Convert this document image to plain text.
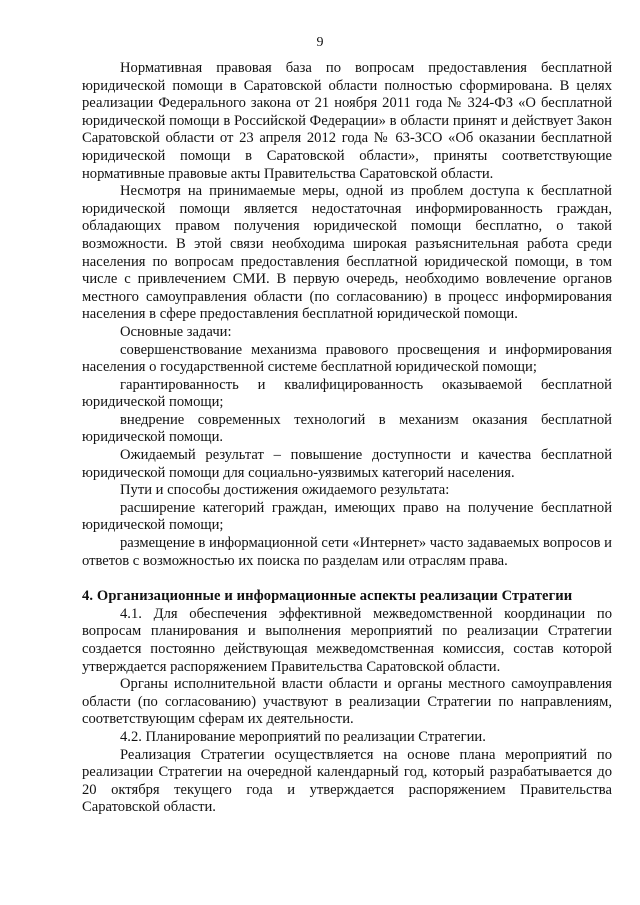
9

Нормативная правовая база по вопросам предоставления бесплатной юридической помощи в Саратовской области полностью сформирована. В целях реализации Федерального закона от 21 ноября 2011 года № 324-ФЗ «О бесплатной юридической помощи в Российской Федерации» в области принят и действует Закон Саратовской области от 23 апреля 2012 года № 63-ЗСО «Об оказании бесплатной юридической помощи в Саратовской области», приняты соответствующие нормативные правовые акты Правительства Саратовской области.

Несмотря на принимаемые меры, одной из проблем доступа к бесплатной юридической помощи является недостаточная информированность граждан, обладающих правом получения юридической помощи бесплатно, о такой возможности. В этой связи необходима широкая разъяснительная работа среди населения по вопросам предоставления бесплатной юридической помощи, в том числе с привлечением СМИ. В первую очередь, необходимо вовлечение органов местного самоуправления области (по согласованию) в процесс информирования населения в сфере предоставления бесплатной юридической помощи.

Основные задачи:

совершенствование механизма правового просвещения и информирования населения о государственной системе бесплатной юридической помощи;

гарантированность и квалифицированность оказываемой бесплатной юридической помощи;

внедрение современных технологий в механизм оказания бесплатной юридической помощи.

Ожидаемый результат – повышение доступности и качества бесплатной юридической помощи для социально-уязвимых категорий населения.

Пути и способы достижения ожидаемого результата:

расширение категорий граждан, имеющих право на получение бесплатной юридической помощи;

размещение в информационной сети «Интернет» часто задаваемых вопросов и ответов с возможностью их поиска по разделам или отраслям права.

4. Организационные и информационные аспекты реализации Стратегии

4.1. Для обеспечения эффективной межведомственной координации по вопросам планирования и выполнения мероприятий по реализации Стратегии создается постоянно действующая межведомственная комиссия, состав которой утверждается распоряжением Правительства Саратовской области.

Органы исполнительной власти области и органы местного самоуправления области (по согласованию) участвуют в реализации Стратегии по направлениям, соответствующим сферам их деятельности.

4.2. Планирование мероприятий по реализации Стратегии.

Реализация Стратегии осуществляется на основе плана мероприятий по реализации Стратегии на очередной календарный год, который разрабатывается до 20 октября текущего года и утверждается распоряжением Правительства Саратовской области.
